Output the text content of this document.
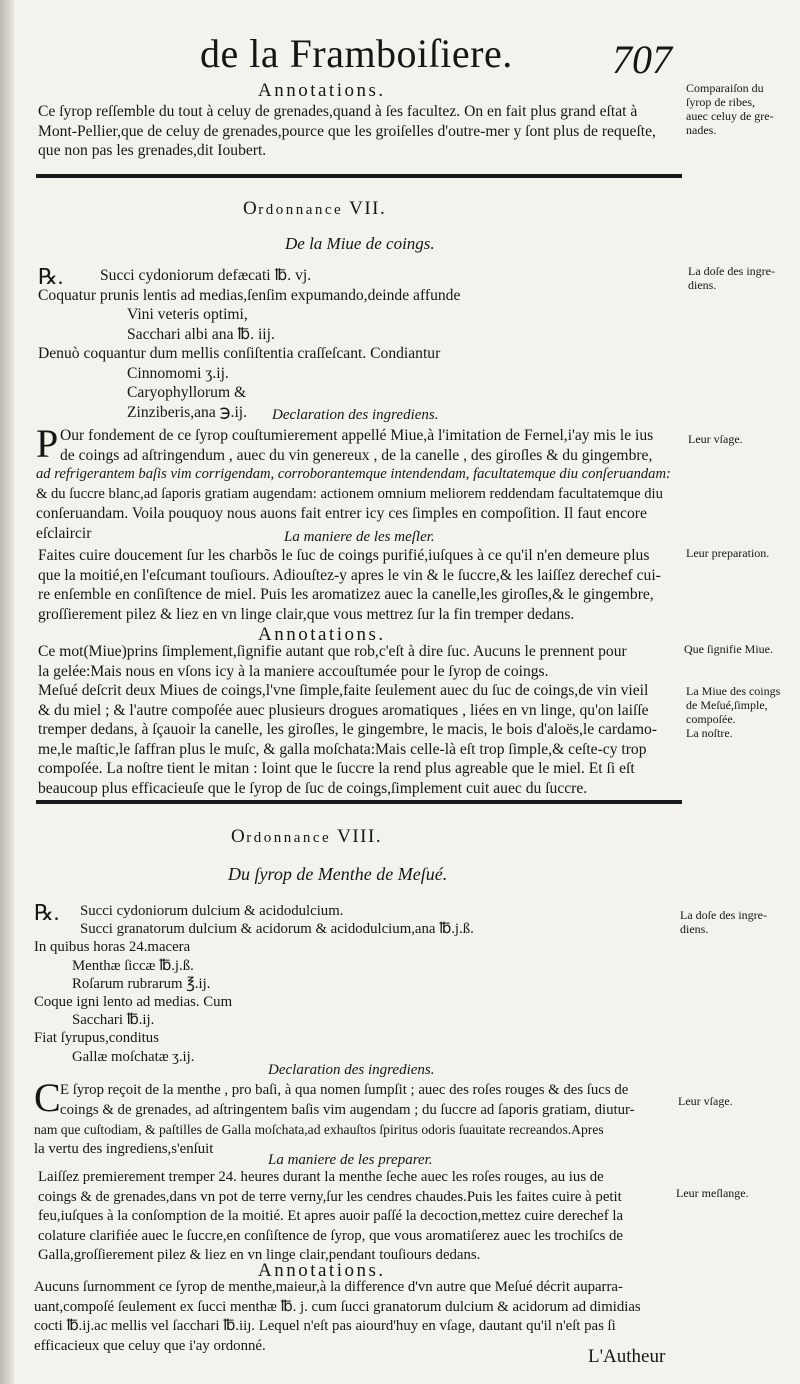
de la Framboiſiere. 707
Annotations.
Ce ſyrop reſſemble du tout à celuy de grenades,quand à ſes facultez. On en fait plus grand eſtat à
Mont-Pellier,que de celuy de grenades,pource que les groiſelles d'outre-mer y ſont plus de requeſte,
que non pas les grenades,dit Ioubert.
Comparaiſon du
ſyrop de ribes,
auec celuy de gre-
nades.
Ordonnance VII.
De la Miue de coings.
℞.	Succi cydoniorum defæcati ℔. vj.
Coquatur prunis lentis ad medias,ſenſim expumando,deinde affunde
Vini veteris optimi,
Sacchari albi ana ℔. iij.
Denuò coquantur dum mellis conſiſtentia craſſeſcant. Condiantur
Cinnomomi ʒ.ij.
Caryophyllorum &
Zinziberis,ana ℈.ij.
La doſe des ingre-
diens.
Declaration des ingrediens.
P Our fondement de ce ſyrop couſtumierement appellé Miue,à l'imitation de Fernel,i'ay mis le ius
de coings ad aſtringendum , auec du vin genereux , de la canelle , des giroſles & du gingembre,
ad refrigerantem baſis vim corrigendam, corroborantemque intendendam, facultatemque diu conſeruandam:
& du ſuccre blanc,ad ſaporis gratiam augendam: actionem omnium meliorem reddendam facultatemque diu
conſeruandam. Voila pouquoy nous auons fait entrer icy ces ſimples en compoſition. Il faut encore
eſclaircir
Leur vſage.
La maniere de les meſler.
Faites cuire doucement ſur les charbõs le ſuc de coings purifié,iuſques à ce qu'il n'en demeure plus
que la moitié,en l'eſcumant touſiours. Adiouſtez-y apres le vin & le ſuccre,& les laiſſez derechef cui-
re enſemble en conſiſtence de miel. Puis les aromatizez auec la canelle,les giroſles,& le gingembre,
groſſierement pilez & liez en vn linge clair,que vous mettrez ſur la fin tremper dedans.
Leur preparation.
Annotations.
Ce mot(Miue)prins ſimplement,ſignifie autant que rob,c'eſt à dire ſuc. Aucuns le prennent pour
la gelée:Mais nous en vſons icy à la maniere accouſtumée pour le ſyrop de coings.
Meſué deſcrit deux Miues de coings,l'vne ſimple,faite ſeulement auec du ſuc de coings,de vin vieil
& du miel ; & l'autre compoſée auec plusieurs drogues aromatiques , liées en vn linge, qu'on laiſſe
tremper dedans, à ſçauoir la canelle, les giroſles, le gingembre, le macis, le bois d'aloës,le cardamo-
me,le maſtic,le ſaffran plus le muſc, & galla moſchata:Mais celle-là eſt trop ſimple,& ceſte-cy trop
compoſée. La noſtre tient le mitan : Ioint que le ſuccre la rend plus agreable que le miel. Et ſi eſt
beaucoup plus efficacieuſe que le ſyrop de ſuc de coings,ſimplement cuit auec du ſuccre.
Que ſignifie Miue.
La Miue des coings
de Meſué,ſimple,
compoſée.
La noſtre.
Ordonnance VIII.
Du ſyrop de Menthe de Meſué.
℞.	Succi cydoniorum dulcium & acidodulcium.
Succi granatorum dulcium & acidorum & acidodulcium,ana ℔.j.ß.
In quibus horas 24.macera
Menthæ ſiccæ ℔.j.ß.
Roſarum rubrarum ℥.ij.
Coque igni lento ad medias. Cum
Sacchari ℔.ij.
Fiat ſyrupus,conditus
Gallæ moſchatæ ʒ.ij.
La doſe des ingre-
diens.
Declaration des ingrediens.
C E ſyrop reçoit de la menthe , pro baſi, à qua nomen ſumpſit ; auec des roſes rouges & des ſucs de
coings & de grenades, ad aſtringentem baſis vim augendam ; du ſuccre ad ſaporis gratiam, diutur-
nam que cuſtodiam, & paſtilles de Galla moſchata,ad exhauſtos ſpiritus odoris ſuauitate recreandos.Apres
la vertu des ingrediens,s'enſuit
Leur vſage.
La maniere de les preparer.
Laiſſez premierement tremper 24. heures durant la menthe ſeche auec les roſes rouges, au ius de
coings & de grenades,dans vn pot de terre verny,ſur les cendres chaudes.Puis les faites cuire à petit
feu,iuſques à la conſomption de la moitié. Et apres auoir paſſé la decoction,mettez cuire derechef la
colature clarifiée auec le ſuccre,en conſiſtence de ſyrop, que vous aromatiſerez auec les trochiſcs de
Galla,groſſierement pilez & liez en vn linge clair,pendant touſiours dedans.
Leur meſlange.
Annotations.
Aucuns ſurnomment ce ſyrop de menthe,maieur,à la difference d'vn autre que Meſué décrit auparra-
uant,compoſé ſeulement ex ſucci menthæ ℔. j. cum ſucci granatorum dulcium & acidorum ad dimidias
cocti ℔.ij.ac mellis vel ſacchari ℔.iiȷ. Lequel n'eſt pas aiourd'huy en vſage, dautant qu'il n'eſt pas ſi
efficacieux que celuy que i'ay ordonné.
L'Autheur
